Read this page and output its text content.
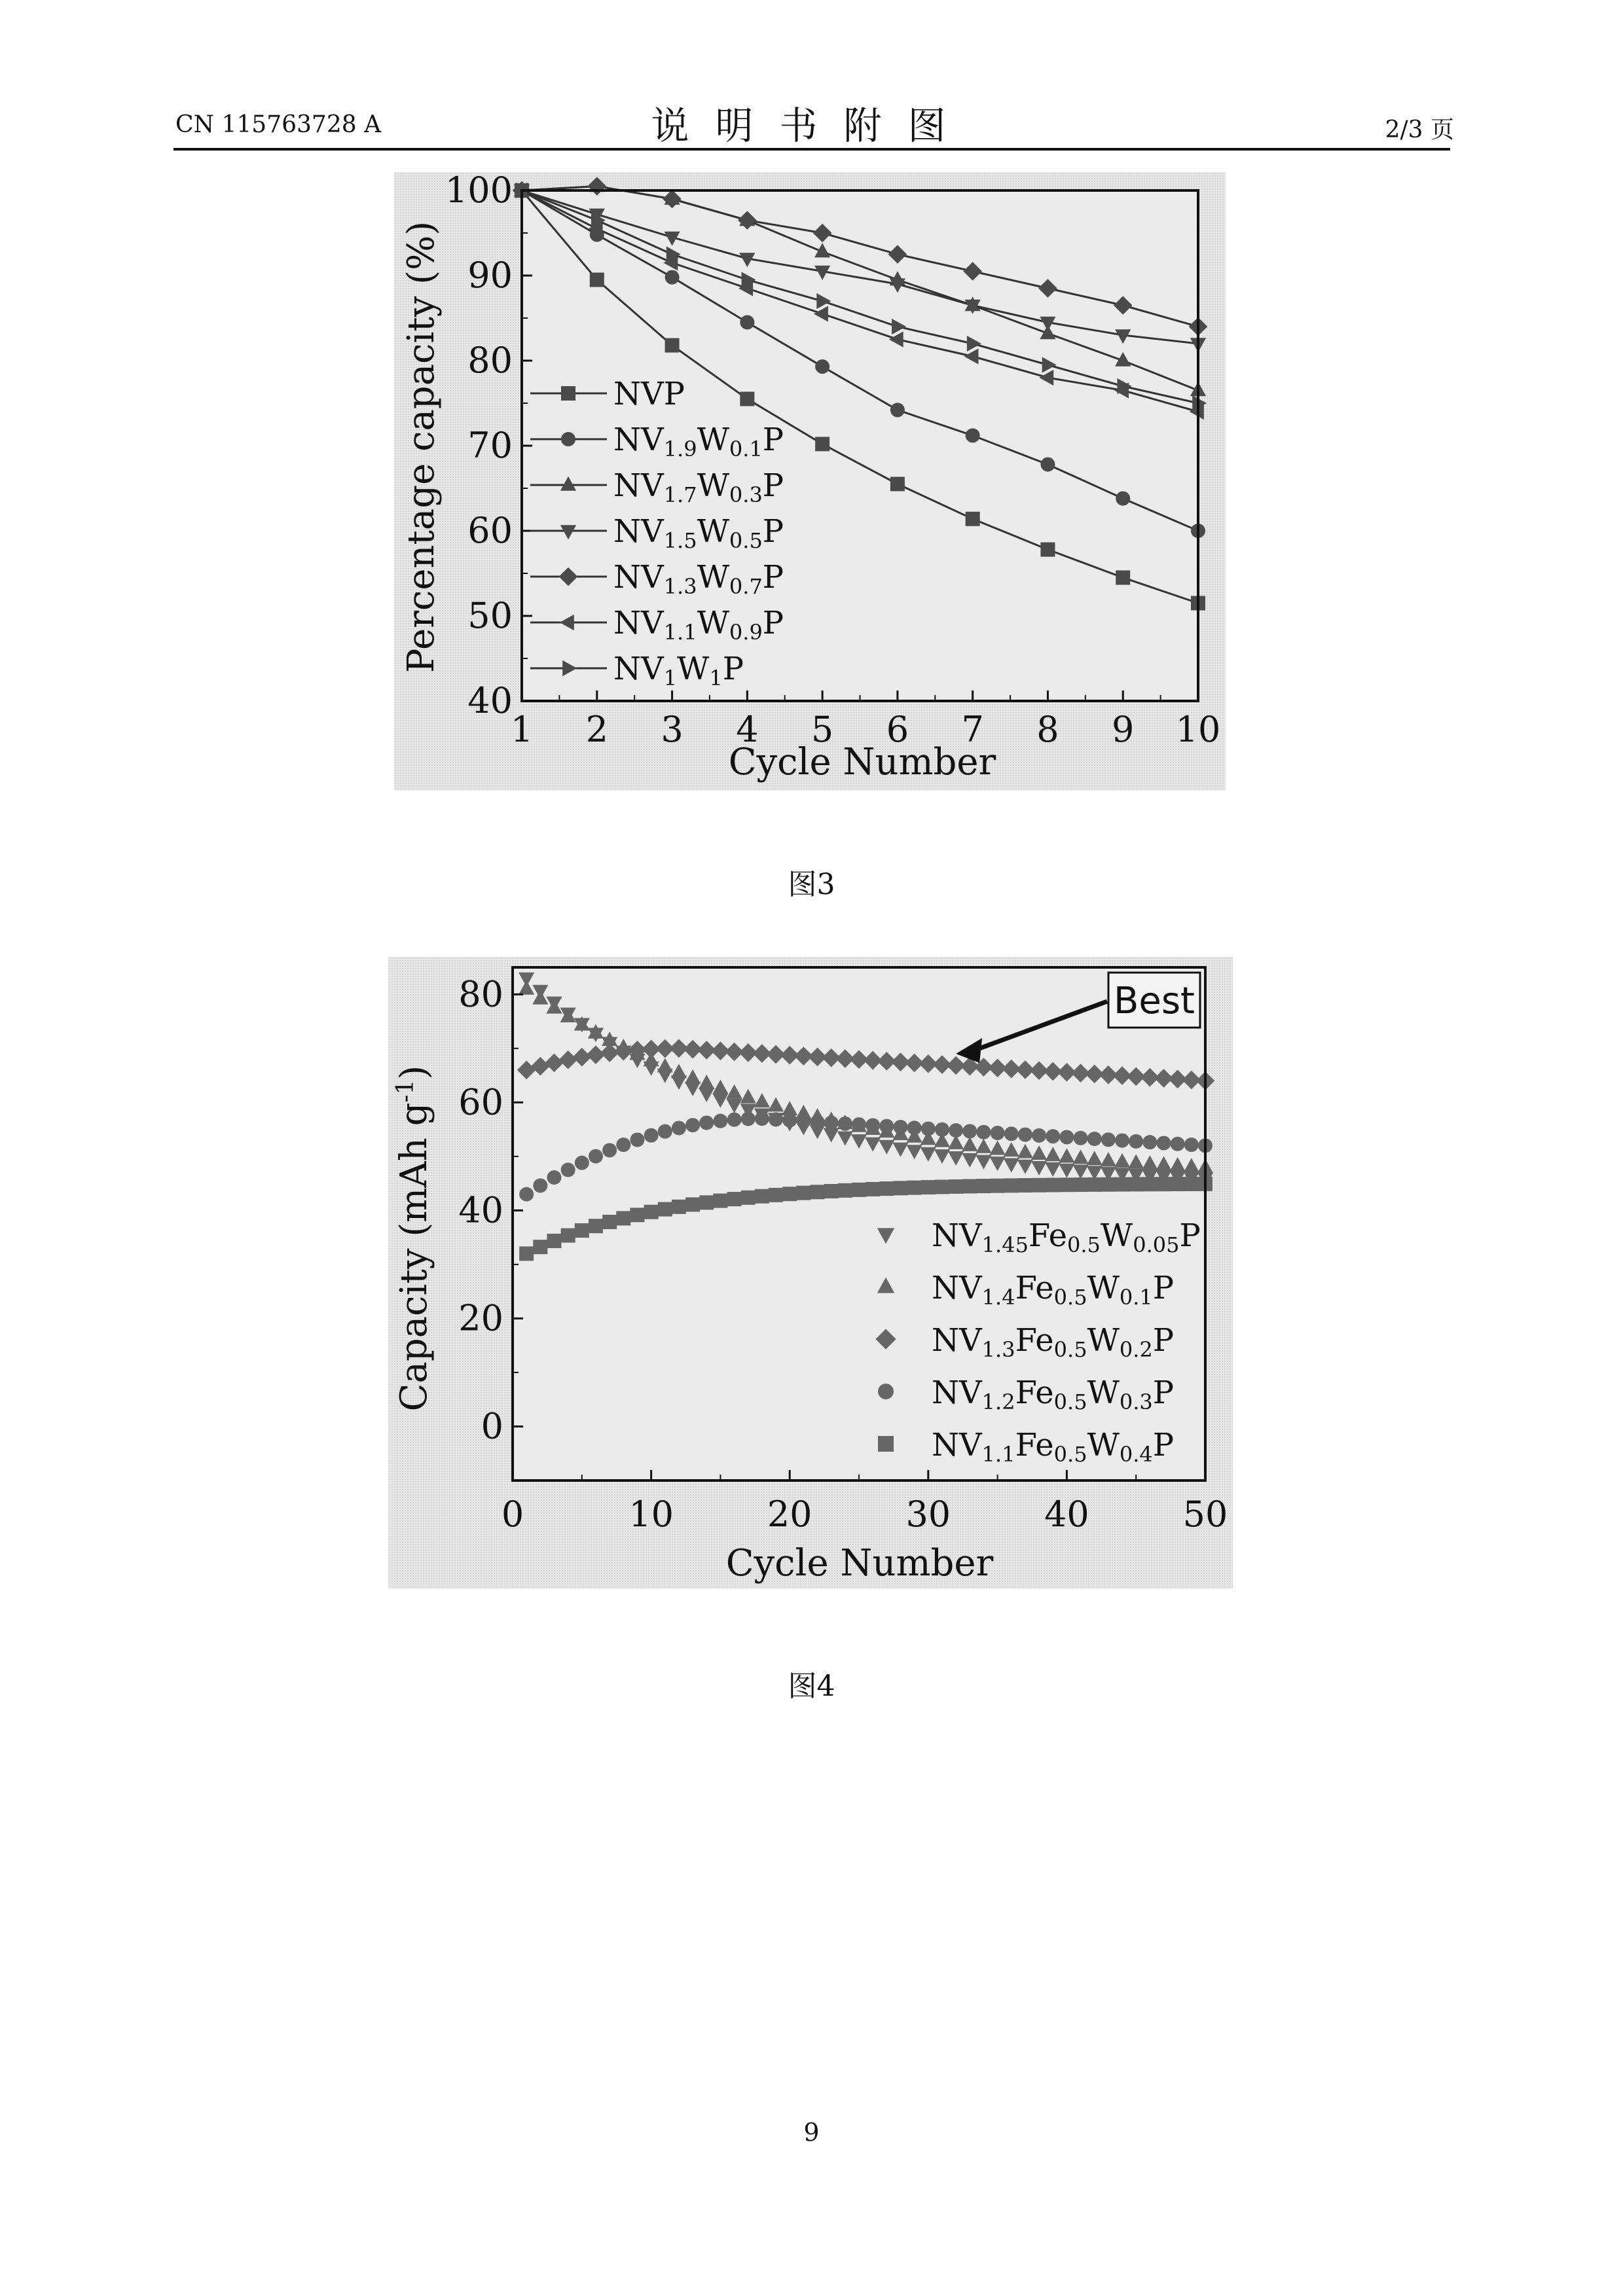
CN 115763728 A	说明书附图	2/3 页
1 2 3 4 5 6 7 8 9 10
40
50
60
70
80
90
100
NVP
NV1.9W0.1P
NV1.7W0.3P
NV1.5W0.5P
NV1.3W0.7P
NV1.1W0.9P
NV1W1P
Cycle Number
Percentage capacity (%)
图3
0	10	20	30	40	50
0
20
40
60
80
NV1.45Fe0.5W0.05P
NV1.4Fe0.5W0.1P
NV1.3Fe0.5W0.2P
NV1.2Fe0.5W0.3P
NV1.1Fe0.5W0.4P
Best
Cycle Number
Capacity (mAh $g^{-1}$)
图4
9
